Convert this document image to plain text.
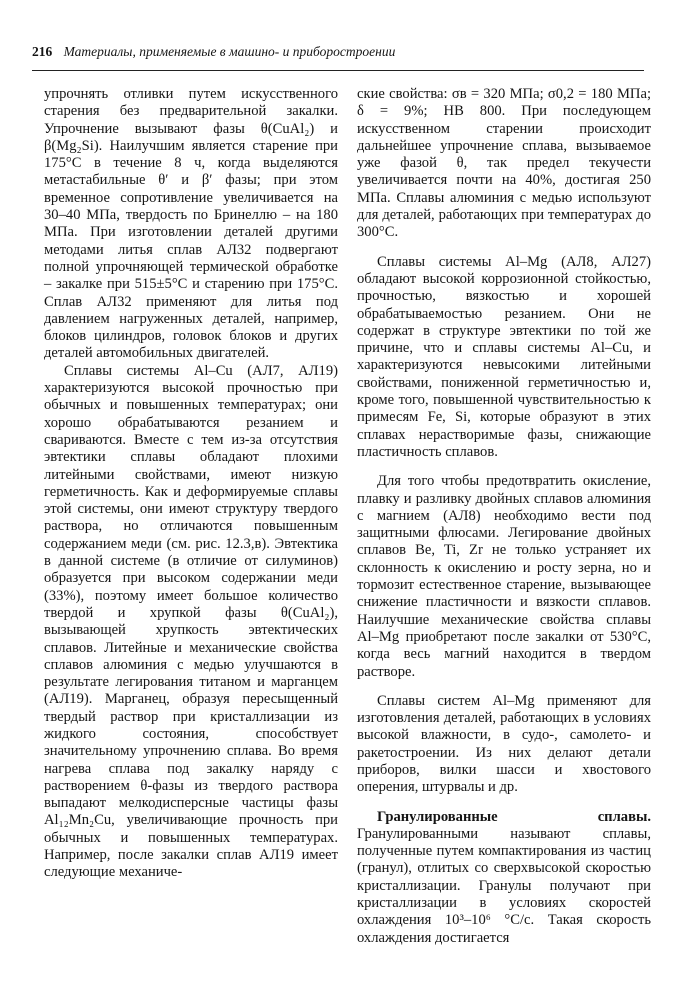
216 Материалы, применяемые в машино- и приборостроении

упрочнять отливки путем искусственного старения без предварительной закалки. Упрочнение вызывают фазы θ(CuAl₂) и β(Mg₂Si). Наилучшим является старение при 175°C в течение 8 ч, когда выделяются метастабильные θ′ и β′ фазы; при этом временное сопротивление увеличивается на 30–40 МПа, твердость по Бринеллю – на 180 МПа. При изготовлении деталей другими методами литья сплав АЛ32 подвергают полной упрочняющей термической обработке – закалке при 515±5°C и старению при 175°C. Сплав АЛ32 применяют для литья под давлением нагруженных деталей, например, блоков цилиндров, головок блоков и других деталей автомобильных двигателей.

Сплавы системы Al–Cu (АЛ7, АЛ19) характеризуются высокой прочностью при обычных и повышенных температурах; они хорошо обрабатываются резанием и свариваются. Вместе с тем из-за отсутствия эвтектики сплавы обладают плохими литейными свойствами, имеют низкую герметичность. Как и деформируемые сплавы этой системы, они имеют структуру твердого раствора, но отличаются повышенным содержанием меди (см. рис. 12.3,в). Эвтектика в данной системе (в отличие от силуминов) образуется при высоком содержании меди (33%), поэтому имеет большое количество твердой и хрупкой фазы θ(CuAl₂), вызывающей хрупкость эвтектических сплавов. Литейные и механические свойства сплавов алюминия с медью улучшаются в результате легирования титаном и марганцем (АЛ19). Марганец, образуя пересыщенный твердый раствор при кристаллизации из жидкого состояния, способствует значительному упрочнению сплава. Во время нагрева сплава под закалку наряду с растворением θ-фазы из твердого раствора выпадают мелкодисперсные частицы фазы Al₁₂Mn₂Cu, увеличивающие прочность при обычных и повышенных температурах. Например, после закалки сплав АЛ19 имеет следующие механиче-

ские свойства: σв = 320 МПа; σ0,2 = 180 МПа; δ = 9%; HB 800. При последующем искусственном старении происходит дальнейшее упрочнение сплава, вызываемое уже фазой θ, так предел текучести увеличивается почти на 40%, достигая 250 МПа. Сплавы алюминия с медью используют для деталей, работающих при температурах до 300°C.

Сплавы системы Al–Mg (АЛ8, АЛ27) обладают высокой коррозионной стойкостью, прочностью, вязкостью и хорошей обрабатываемостью резанием. Они не содержат в структуре эвтектики по той же причине, что и сплавы системы Al–Cu, и характеризуются невысокими литейными свойствами, пониженной герметичностью и, кроме того, повышенной чувствительностью к примесям Fe, Si, которые образуют в этих сплавах нерастворимые фазы, снижающие пластичность сплавов.

Для того чтобы предотвратить окисление, плавку и разливку двойных сплавов алюминия с магнием (АЛ8) необходимо вести под защитными флюсами. Легирование двойных сплавов Be, Ti, Zr не только устраняет их склонность к окислению и росту зерна, но и тормозит естественное старение, вызывающее снижение пластичности и вязкости сплавов. Наилучшие механические свойства сплавы Al–Mg приобретают после закалки от 530°C, когда весь магний находится в твердом растворе.

Сплавы систем Al–Mg применяют для изготовления деталей, работающих в условиях высокой влажности, в судо-, самолето- и ракетостроении. Из них делают детали приборов, вилки шасси и хвостового оперения, штурвалы и др.

Гранулированные сплавы. Гранулированными называют сплавы, полученные путем компактирования из частиц (гранул), отлитых со сверхвысокой скоростью кристаллизации. Гранулы получают при кристаллизации в условиях скоростей охлаждения 10³–10⁶ °C/c. Такая скорость охлаждения достигается
